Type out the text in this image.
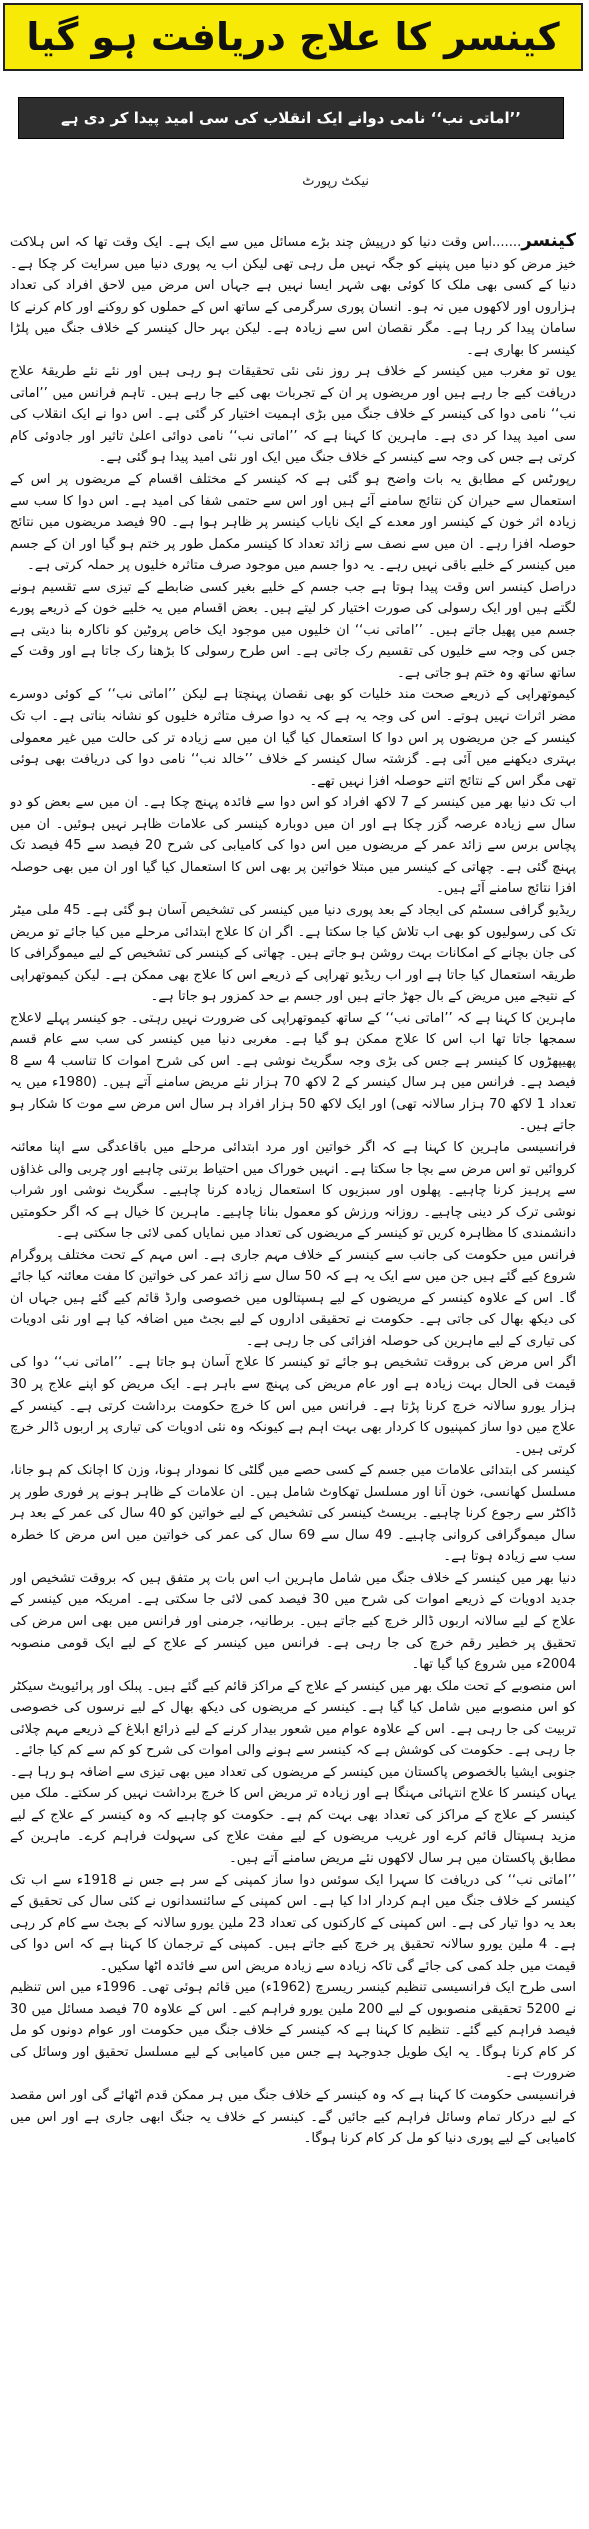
کینسر کا علاج دریافت ہو گیا
’’اماتی نب‘‘ نامی دوانے ایک انقلاب کی سی امید پیدا کر دی ہے
نیکٹ رپورٹ

کینسر.......اس وقت دنیا کو درپیش چند بڑے مسائل میں سے ایک ہے۔ ایک وقت تھا کہ اس ہلاکت خیز مرض کو دنیا میں پنپنے کو جگہ نہیں مل رہی تھی لیکن اب یہ پوری دنیا میں سرایت کر چکا ہے۔ دنیا کے کسی بھی ملک کا کوئی بھی شہر ایسا نہیں ہے جہاں اس مرض میں لاحق افراد کی تعداد ہزاروں اور لاکھوں میں نہ ہو۔ انسان پوری سرگرمی کے ساتھ اس کے حملوں کو روکنے اور کام کرنے کا سامان پیدا کر رہا ہے۔ مگر نقصان اس سے زیادہ ہے۔ لیکن بہر حال کینسر کے خلاف جنگ میں پلڑا کینسر کا بھاری ہے۔

یوں تو مغرب میں کینسر کے خلاف ہر روز نئی نئی تحقیقات ہو رہی ہیں اور نئے نئے طریقۂ علاج دریافت کیے جا رہے ہیں اور مریضوں پر ان کے تجربات بھی کیے جا رہے ہیں۔ تاہم فرانس میں ’’اماتی نب‘‘ نامی دوا کی کینسر کے خلاف جنگ میں بڑی اہمیت اختیار کر گئی ہے۔ اس دوا نے ایک انقلاب کی سی امید پیدا کر دی ہے۔ ماہرین کا کہنا ہے کہ ’’اماتی نب‘‘ نامی دوائی اعلیٰ تاثیر اور جادوئی کام کرتی ہے جس کی وجہ سے کینسر کے خلاف جنگ میں ایک اور نئی امید پیدا ہو گئی ہے۔

رپورٹس کے مطابق یہ بات واضح ہو گئی ہے کہ کینسر کے مختلف اقسام کے مریضوں پر اس کے استعمال سے حیران کن نتائج سامنے آئے ہیں اور اس سے حتمی شفا کی امید ہے۔ اس دوا کا سب سے زیادہ اثر خون کے کینسر اور معدے کے ایک نایاب کینسر پر ظاہر ہوا ہے۔ 90 فیصد مریضوں میں نتائج حوصلہ افزا رہے۔ ان میں سے نصف سے زائد تعداد کا کینسر مکمل طور پر ختم ہو گیا اور ان کے جسم میں کینسر کے خلیے باقی نہیں رہے۔ یہ دوا جسم میں موجود صرف متاثرہ خلیوں پر حملہ کرتی ہے۔

دراصل کینسر اس وقت پیدا ہوتا ہے جب جسم کے خلیے بغیر کسی ضابطے کے تیزی سے تقسیم ہونے لگتے ہیں اور ایک رسولی کی صورت اختیار کر لیتے ہیں۔ بعض اقسام میں یہ خلیے خون کے ذریعے پورے جسم میں پھیل جاتے ہیں۔ ’’اماتی نب‘‘ ان خلیوں میں موجود ایک خاص پروٹین کو ناکارہ بنا دیتی ہے جس کی وجہ سے خلیوں کی تقسیم رک جاتی ہے۔ اس طرح رسولی کا بڑھنا رک جاتا ہے اور وقت کے ساتھ ساتھ وہ ختم ہو جاتی ہے۔

کیموتھراپی کے ذریعے صحت مند خلیات کو بھی نقصان پہنچتا ہے لیکن ’’اماتی نب‘‘ کے کوئی دوسرے مضر اثرات نہیں ہوتے۔ اس کی وجہ یہ ہے کہ یہ دوا صرف متاثرہ خلیوں کو نشانہ بناتی ہے۔ اب تک کینسر کے جن مریضوں پر اس دوا کا استعمال کیا گیا ان میں سے زیادہ تر کی حالت میں غیر معمولی بہتری دیکھنے میں آئی ہے۔ گزشتہ سال کینسر کے خلاف ’’خالد نب‘‘ نامی دوا کی دریافت بھی ہوئی تھی مگر اس کے نتائج اتنے حوصلہ افزا نہیں تھے۔

اب تک دنیا بھر میں کینسر کے 7 لاکھ افراد کو اس دوا سے فائدہ پہنچ چکا ہے۔ ان میں سے بعض کو دو سال سے زیادہ عرصہ گزر چکا ہے اور ان میں دوبارہ کینسر کی علامات ظاہر نہیں ہوئیں۔ ان میں پچاس برس سے زائد عمر کے مریضوں میں اس دوا کی کامیابی کی شرح 20 فیصد سے 45 فیصد تک پہنچ گئی ہے۔ چھاتی کے کینسر میں مبتلا خواتین پر بھی اس کا استعمال کیا گیا اور ان میں بھی حوصلہ افزا نتائج سامنے آئے ہیں۔

ریڈیو گرافی سسٹم کی ایجاد کے بعد پوری دنیا میں کینسر کی تشخیص آسان ہو گئی ہے۔ 45 ملی میٹر تک کی رسولیوں کو بھی اب تلاش کیا جا سکتا ہے۔ اگر ان کا علاج ابتدائی مرحلے میں کیا جائے تو مریض کی جان بچانے کے امکانات بہت روشن ہو جاتے ہیں۔ چھاتی کے کینسر کی تشخیص کے لیے میموگرافی کا طریقہ استعمال کیا جاتا ہے اور اب ریڈیو تھراپی کے ذریعے اس کا علاج بھی ممکن ہے۔ لیکن کیموتھراپی کے نتیجے میں مریض کے بال جھڑ جاتے ہیں اور جسم بے حد کمزور ہو جاتا ہے۔

ماہرین کا کہنا ہے کہ ’’اماتی نب‘‘ کے ساتھ کیموتھراپی کی ضرورت نہیں رہتی۔ جو کینسر پہلے لاعلاج سمجھا جاتا تھا اب اس کا علاج ممکن ہو گیا ہے۔ مغربی دنیا میں کینسر کی سب سے عام قسم پھیپھڑوں کا کینسر ہے جس کی بڑی وجہ سگریٹ نوشی ہے۔ اس کی شرح اموات کا تناسب 4 سے 8 فیصد ہے۔ فرانس میں ہر سال کینسر کے 2 لاکھ 70 ہزار نئے مریض سامنے آتے ہیں۔ (1980ء میں یہ تعداد 1 لاکھ 70 ہزار سالانہ تھی) اور ایک لاکھ 50 ہزار افراد ہر سال اس مرض سے موت کا شکار ہو جاتے ہیں۔

فرانسیسی ماہرین کا کہنا ہے کہ اگر خواتین اور مرد ابتدائی مرحلے میں باقاعدگی سے اپنا معائنہ کروائیں تو اس مرض سے بچا جا سکتا ہے۔ انہیں خوراک میں احتیاط برتنی چاہیے اور چربی والی غذاؤں سے پرہیز کرنا چاہیے۔ پھلوں اور سبزیوں کا استعمال زیادہ کرنا چاہیے۔ سگریٹ نوشی اور شراب نوشی ترک کر دینی چاہیے۔ روزانہ ورزش کو معمول بنانا چاہیے۔ ماہرین کا خیال ہے کہ اگر حکومتیں دانشمندی کا مظاہرہ کریں تو کینسر کے مریضوں کی تعداد میں نمایاں کمی لائی جا سکتی ہے۔

فرانس میں حکومت کی جانب سے کینسر کے خلاف مہم جاری ہے۔ اس مہم کے تحت مختلف پروگرام شروع کیے گئے ہیں جن میں سے ایک یہ ہے کہ 50 سال سے زائد عمر کی خواتین کا مفت معائنہ کیا جائے گا۔ اس کے علاوہ کینسر کے مریضوں کے لیے ہسپتالوں میں خصوصی وارڈ قائم کیے گئے ہیں جہاں ان کی دیکھ بھال کی جاتی ہے۔ حکومت نے تحقیقی اداروں کے لیے بجٹ میں اضافہ کیا ہے اور نئی ادویات کی تیاری کے لیے ماہرین کی حوصلہ افزائی کی جا رہی ہے۔

اگر اس مرض کی بروقت تشخیص ہو جائے تو کینسر کا علاج آسان ہو جاتا ہے۔ ’’اماتی نب‘‘ دوا کی قیمت فی الحال بہت زیادہ ہے اور عام مریض کی پہنچ سے باہر ہے۔ ایک مریض کو اپنے علاج پر 30 ہزار یورو سالانہ خرچ کرنا پڑتا ہے۔ فرانس میں اس کا خرچ حکومت برداشت کرتی ہے۔ کینسر کے علاج میں دوا ساز کمپنیوں کا کردار بھی بہت اہم ہے کیونکہ وہ نئی ادویات کی تیاری پر اربوں ڈالر خرچ کرتی ہیں۔

کینسر کی ابتدائی علامات میں جسم کے کسی حصے میں گلٹی کا نمودار ہونا، وزن کا اچانک کم ہو جانا، مسلسل کھانسی، خون آنا اور مسلسل تھکاوٹ شامل ہیں۔ ان علامات کے ظاہر ہونے پر فوری طور پر ڈاکٹر سے رجوع کرنا چاہیے۔ بریسٹ کینسر کی تشخیص کے لیے خواتین کو 40 سال کی عمر کے بعد ہر سال میموگرافی کروانی چاہیے۔ 49 سال سے 69 سال کی عمر کی خواتین میں اس مرض کا خطرہ سب سے زیادہ ہوتا ہے۔

دنیا بھر میں کینسر کے خلاف جنگ میں شامل ماہرین اب اس بات پر متفق ہیں کہ بروقت تشخیص اور جدید ادویات کے ذریعے اموات کی شرح میں 30 فیصد کمی لائی جا سکتی ہے۔ امریکہ میں کینسر کے علاج کے لیے سالانہ اربوں ڈالر خرچ کیے جاتے ہیں۔ برطانیہ، جرمنی اور فرانس میں بھی اس مرض کی تحقیق پر خطیر رقم خرچ کی جا رہی ہے۔ فرانس میں کینسر کے علاج کے لیے ایک قومی منصوبہ 2004ء میں شروع کیا گیا تھا۔

اس منصوبے کے تحت ملک بھر میں کینسر کے علاج کے مراکز قائم کیے گئے ہیں۔ پبلک اور پرائیویٹ سیکٹر کو اس منصوبے میں شامل کیا گیا ہے۔ کینسر کے مریضوں کی دیکھ بھال کے لیے نرسوں کی خصوصی تربیت کی جا رہی ہے۔ اس کے علاوہ عوام میں شعور بیدار کرنے کے لیے ذرائع ابلاغ کے ذریعے مہم چلائی جا رہی ہے۔ حکومت کی کوشش ہے کہ کینسر سے ہونے والی اموات کی شرح کو کم سے کم کیا جائے۔

جنوبی ایشیا بالخصوص پاکستان میں کینسر کے مریضوں کی تعداد میں بھی تیزی سے اضافہ ہو رہا ہے۔ یہاں کینسر کا علاج انتہائی مہنگا ہے اور زیادہ تر مریض اس کا خرچ برداشت نہیں کر سکتے۔ ملک میں کینسر کے علاج کے مراکز کی تعداد بھی بہت کم ہے۔ حکومت کو چاہیے کہ وہ کینسر کے علاج کے لیے مزید ہسپتال قائم کرے اور غریب مریضوں کے لیے مفت علاج کی سہولت فراہم کرے۔ ماہرین کے مطابق پاکستان میں ہر سال لاکھوں نئے مریض سامنے آتے ہیں۔

’’اماتی نب‘‘ کی دریافت کا سہرا ایک سوئس دوا ساز کمپنی کے سر ہے جس نے 1918ء سے اب تک کینسر کے خلاف جنگ میں اہم کردار ادا کیا ہے۔ اس کمپنی کے سائنسدانوں نے کئی سال کی تحقیق کے بعد یہ دوا تیار کی ہے۔ اس کمپنی کے کارکنوں کی تعداد 23 ملین یورو سالانہ کے بجٹ سے کام کر رہی ہے۔ 4 ملین یورو سالانہ تحقیق پر خرچ کیے جاتے ہیں۔ کمپنی کے ترجمان کا کہنا ہے کہ اس دوا کی قیمت میں جلد کمی کی جائے گی تاکہ زیادہ سے زیادہ مریض اس سے فائدہ اٹھا سکیں۔

اسی طرح ایک فرانسیسی تنظیم کینسر ریسرچ (1962ء) میں قائم ہوئی تھی۔ 1996ء میں اس تنظیم نے 5200 تحقیقی منصوبوں کے لیے 200 ملین یورو فراہم کیے۔ اس کے علاوہ 70 فیصد مسائل میں 30 فیصد فراہم کیے گئے۔ تنظیم کا کہنا ہے کہ کینسر کے خلاف جنگ میں حکومت اور عوام دونوں کو مل کر کام کرنا ہوگا۔ یہ ایک طویل جدوجہد ہے جس میں کامیابی کے لیے مسلسل تحقیق اور وسائل کی ضرورت ہے۔

فرانسیسی حکومت کا کہنا ہے کہ وہ کینسر کے خلاف جنگ میں ہر ممکن قدم اٹھائے گی اور اس مقصد کے لیے درکار تمام وسائل فراہم کیے جائیں گے۔ کینسر کے خلاف یہ جنگ ابھی جاری ہے اور اس میں کامیابی کے لیے پوری دنیا کو مل کر کام کرنا ہوگا۔
